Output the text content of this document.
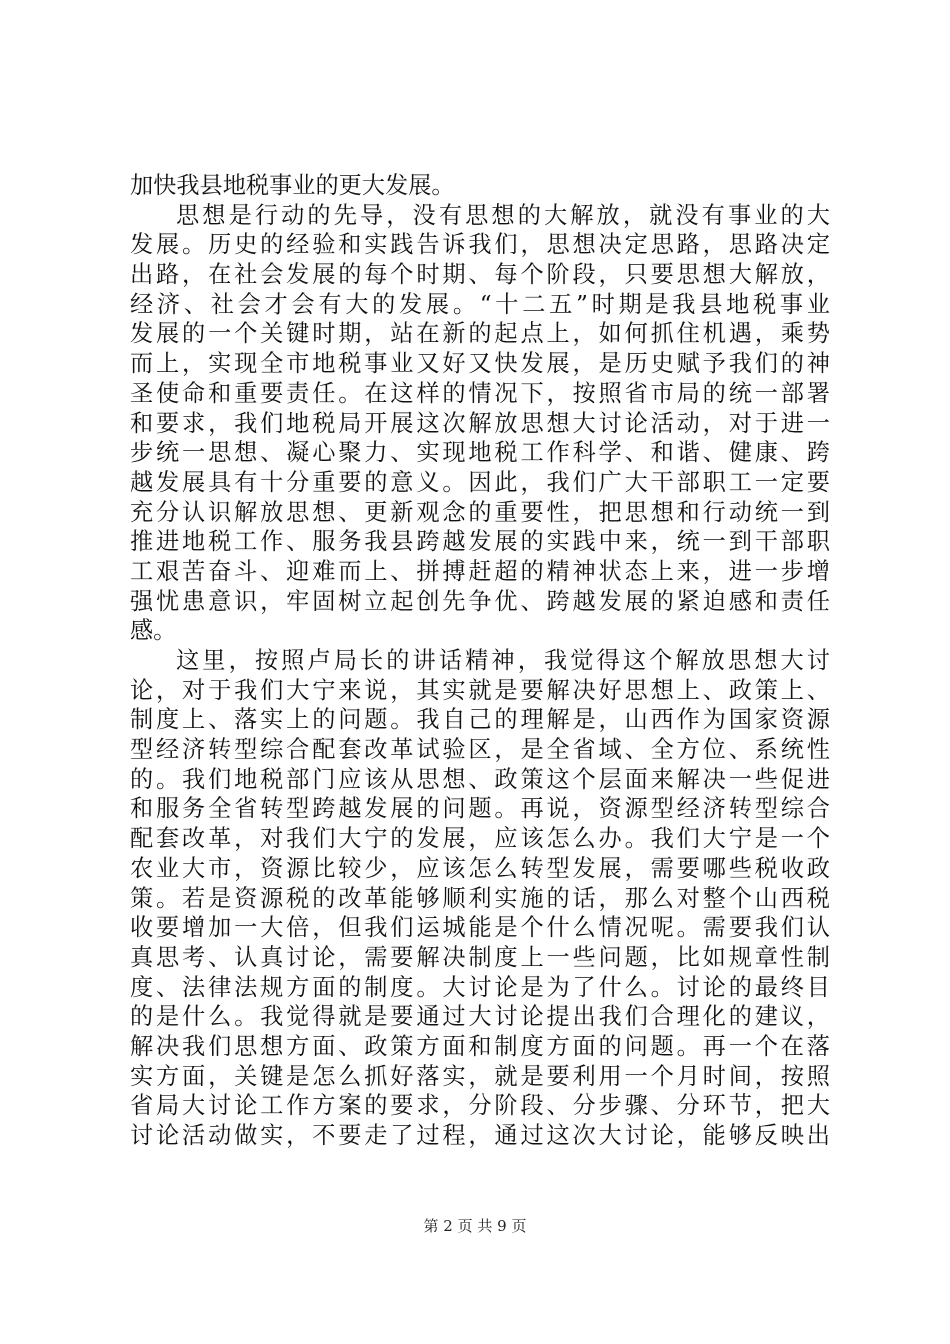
加快我县地税事业的更大发展。
思想是行动的先导，没有思想的大解放，就没有事业的大
发展。历史的经验和实践告诉我们，思想决定思路，思路决定
出路，在社会发展的每个时期、每个阶段，只要思想大解放，
经济、社会才会有大的发展。“十二五”时期是我县地税事业
发展的一个关键时期，站在新的起点上，如何抓住机遇，乘势
而上，实现全市地税事业又好又快发展，是历史赋予我们的神
圣使命和重要责任。在这样的情况下，按照省市局的统一部署
和要求，我们地税局开展这次解放思想大讨论活动，对于进一
步统一思想、凝心聚力、实现地税工作科学、和谐、健康、跨
越发展具有十分重要的意义。因此，我们广大干部职工一定要
充分认识解放思想、更新观念的重要性，把思想和行动统一到
推进地税工作、服务我县跨越发展的实践中来，统一到干部职
工艰苦奋斗、迎难而上、拼搏赶超的精神状态上来，进一步增
强忧患意识，牢固树立起创先争优、跨越发展的紧迫感和责任
感。
这里，按照卢局长的讲话精神，我觉得这个解放思想大讨
论，对于我们大宁来说，其实就是要解决好思想上、政策上、
制度上、落实上的问题。我自己的理解是，山西作为国家资源
型经济转型综合配套改革试验区，是全省域、全方位、系统性
的。我们地税部门应该从思想、政策这个层面来解决一些促进
和服务全省转型跨越发展的问题。再说，资源型经济转型综合
配套改革，对我们大宁的发展，应该怎么办。我们大宁是一个
农业大市，资源比较少，应该怎么转型发展，需要哪些税收政
策。若是资源税的改革能够顺利实施的话，那么对整个山西税
收要增加一大倍，但我们运城能是个什么情况呢。需要我们认
真思考、认真讨论，需要解决制度上一些问题，比如规章性制
度、法律法规方面的制度。大讨论是为了什么。讨论的最终目
的是什么。我觉得就是要通过大讨论提出我们合理化的建议，
解决我们思想方面、政策方面和制度方面的问题。再一个在落
实方面，关键是怎么抓好落实，就是要利用一个月时间，按照
省局大讨论工作方案的要求，分阶段、分步骤、分环节，把大
讨论活动做实，不要走了过程，通过这次大讨论，能够反映出
第 2 页 共 9 页
